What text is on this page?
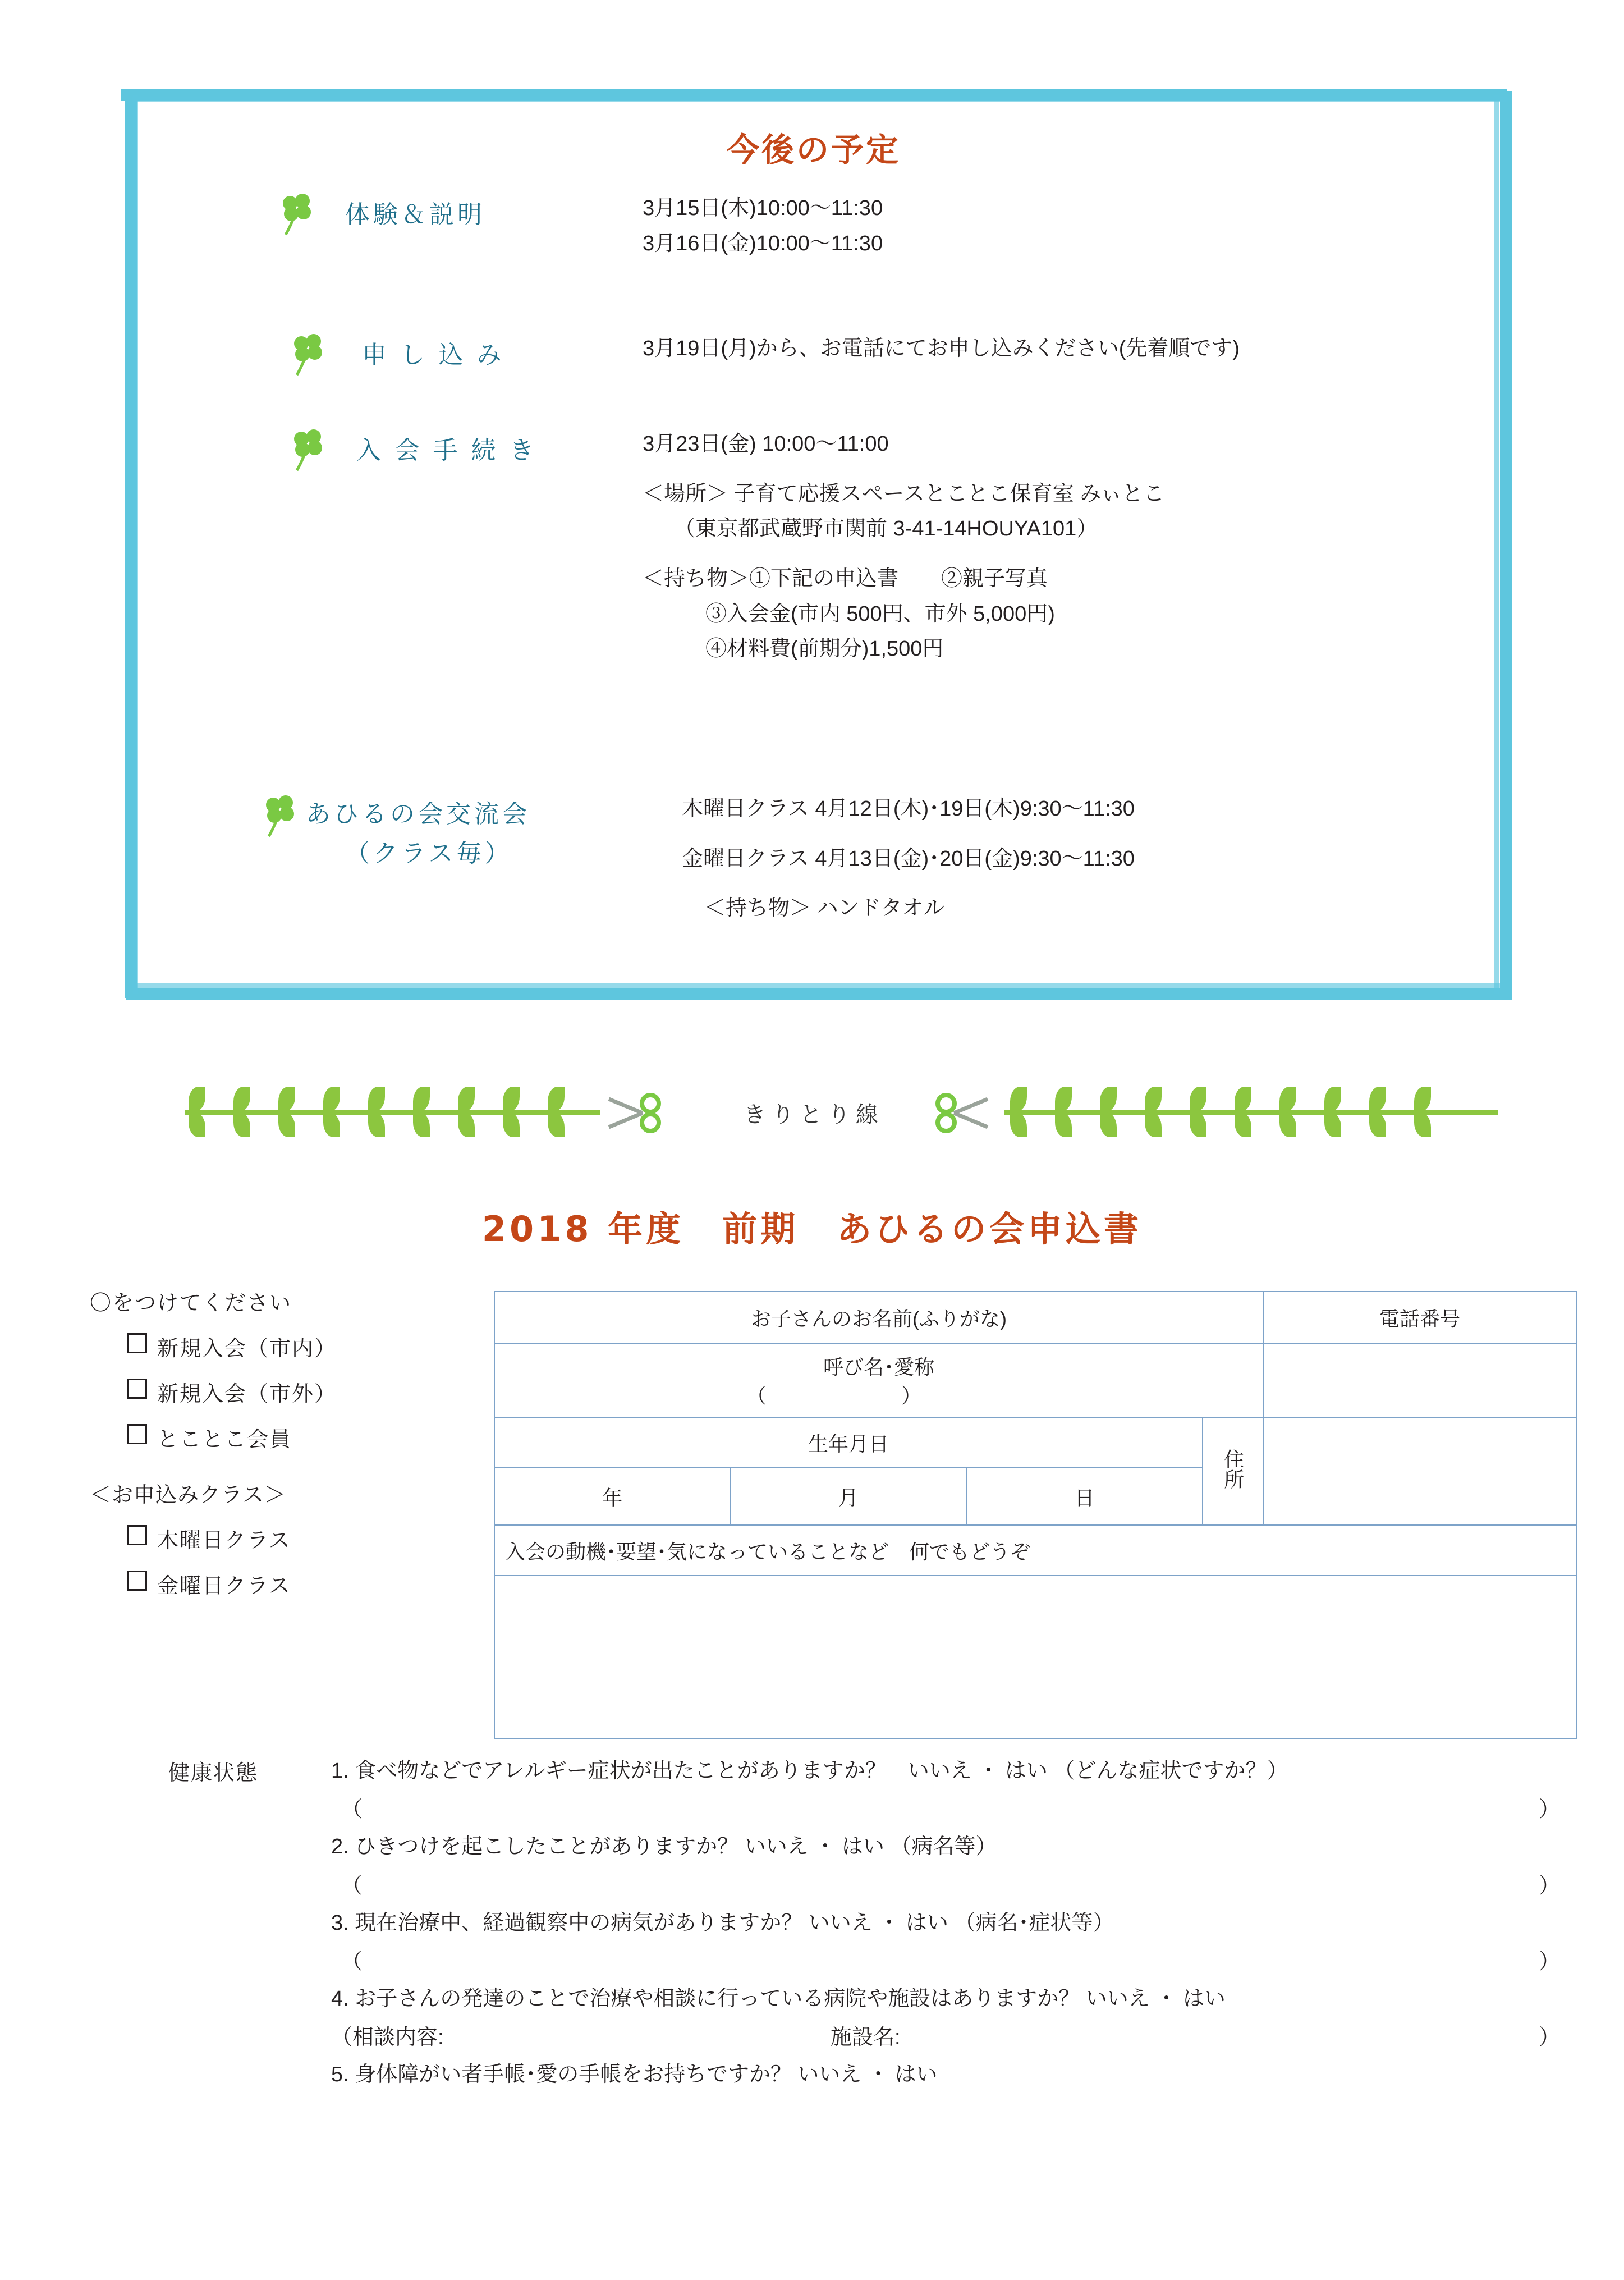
今後の予定
体験＆説明	3月15日(木)10:00〜11:30
3月16日(金)10:00〜11:30
申 し 込 み	3月19日(月)から、お電話にてお申し込みください(先着順です)
入 会 手 続 き	3月23日(金) 10:00〜11:00
＜場所＞ 子育て応援スペースとことこ保育室 みぃとこ
（東京都武蔵野市関前 3-41-14HOUYA101）
＜持ち物＞①下記の申込書　　②親子写真
③入会金(市内 500円、市外 5,000円)
④材料費(前期分)1,500円
あひるの会交流会
（クラス毎）
木曜日クラス 4月12日(木)･19日(木)9:30〜11:30
金曜日クラス 4月13日(金)･20日(金)9:30〜11:30
＜持ち物＞ ハンドタオル
きりとり線
2018 年度　前期　あひるの会申込書
〇をつけてください
新規入会（市内）
新規入会（市外）
とことこ会員
＜お申込みクラス＞
木曜日クラス
金曜日クラス
お子さんのお名前(ふりがな)				電話番号

呼び名･愛称
（ ）				

生年月日			住所	
年	月	日		
入会の動機･要望･気になっていることなど　何でもどうぞ				

健康状態	1. 食べ物などでアレルギー症状が出たことがありますか？　いいえ ・ はい （どんな症状ですか？）
（	）
2. ひきつけを起こしたことがありますか？ いいえ ・ はい （病名等）
（	）
3. 現在治療中、経過観察中の病気がありますか？ いいえ ・ はい （病名･症状等）
（	）
4. お子さんの発達のことで治療や相談に行っている病院や施設はありますか？ いいえ ・ はい
（相談内容:	施設名:	）
5. 身体障がい者手帳･愛の手帳をお持ちですか？ いいえ ・ はい
